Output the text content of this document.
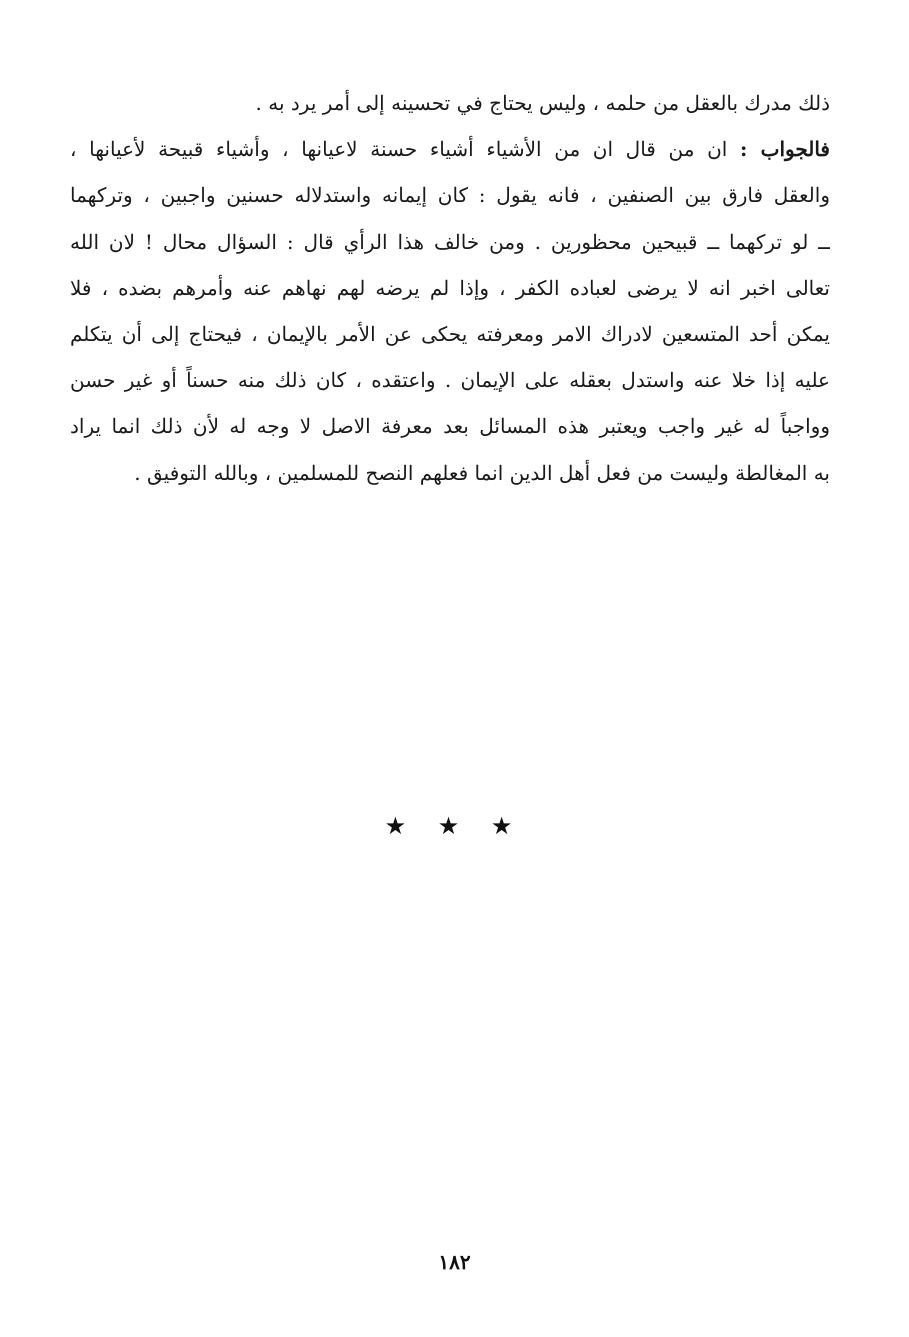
ذلك مدرك بالعقل من حلمه ، وليس يحتاج في تحسينه إلى أمر يرد به .
فالجواب : ان من قال ان من الأشياء أشياء حسنة لاعيانها ، وأشياء قبيحة لأعيانها ،
والعقل فارق بين الصنفين ، فانه يقول : كان إيمانه واستدلاله حسنين واجبين ، وتركهما
ــ لو تركهما ــ قبيحين محظورين . ومن خالف هذا الرأي قال : السؤال محال ! لان الله
تعالى اخبر انه لا يرضى لعباده الكفر ، وإذا لم يرضه لهم نهاهم عنه وأمرهم بضده ، فلا
يمكن أحد المتسعين لادراك الامر ومعرفته يحكى عن الأمر بالإيمان ، فيحتاج إلى أن يتكلم
عليه إذا خلا عنه واستدل بعقله على الإيمان . واعتقده ، كان ذلك منه حسناً أو غير حسن
وواجباً له غير واجب ويعتبر هذه المسائل بعد معرفة الاصل لا وجه له لأن ذلك انما يراد
به المغالطة وليست من فعل أهل الدين انما فعلهم النصح للمسلمين ، وبالله التوفيق .
★ ★ ★
١٨٢
